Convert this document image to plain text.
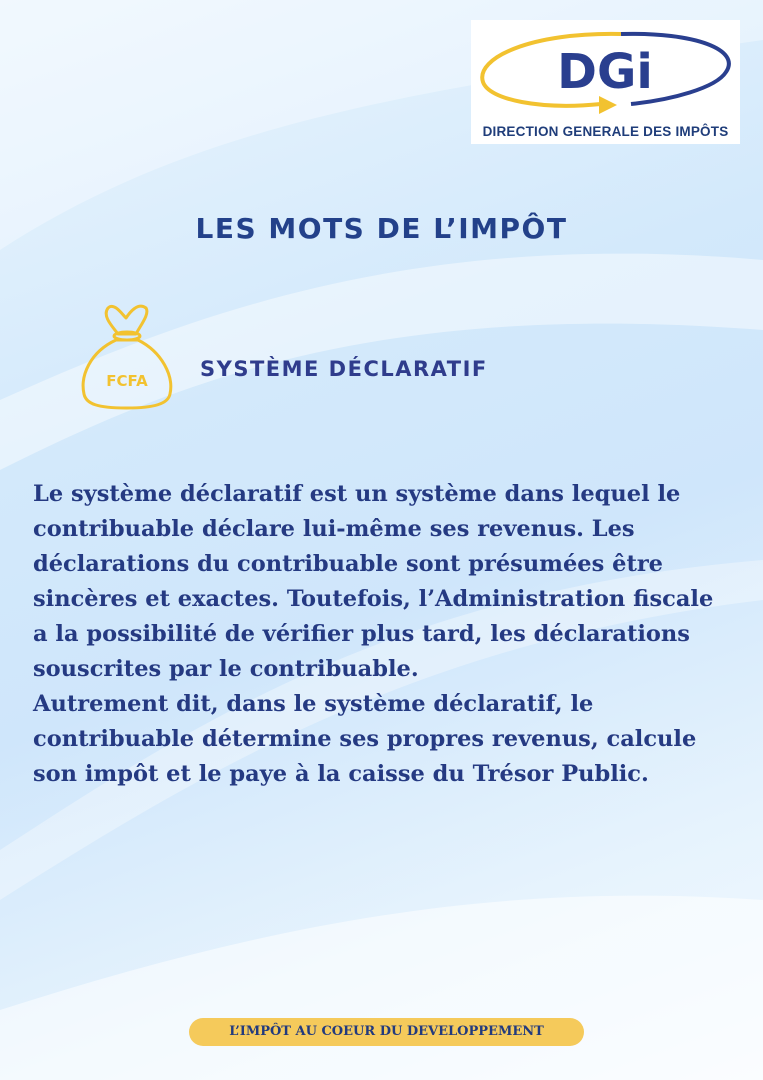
DGi
DIRECTION GENERALE DES IMPÔTS
LES MOTS DE L’IMPÔT
FCFA SYSTÈME DÉCLARATIF

Le système déclaratif est un système dans lequel le contribuable déclare lui-même ses revenus. Les déclarations du contribuable sont présumées être sincères et exactes. Toutefois, l’Administration fiscale a la possibilité de vérifier plus tard, les déclarations souscrites par le contribuable.

Autrement dit, dans le système déclaratif, le contribuable détermine ses propres revenus, calcule son impôt et le paye à la caisse du Trésor Public.

L’IMPÔT AU COEUR DU DEVELOPPEMENT
